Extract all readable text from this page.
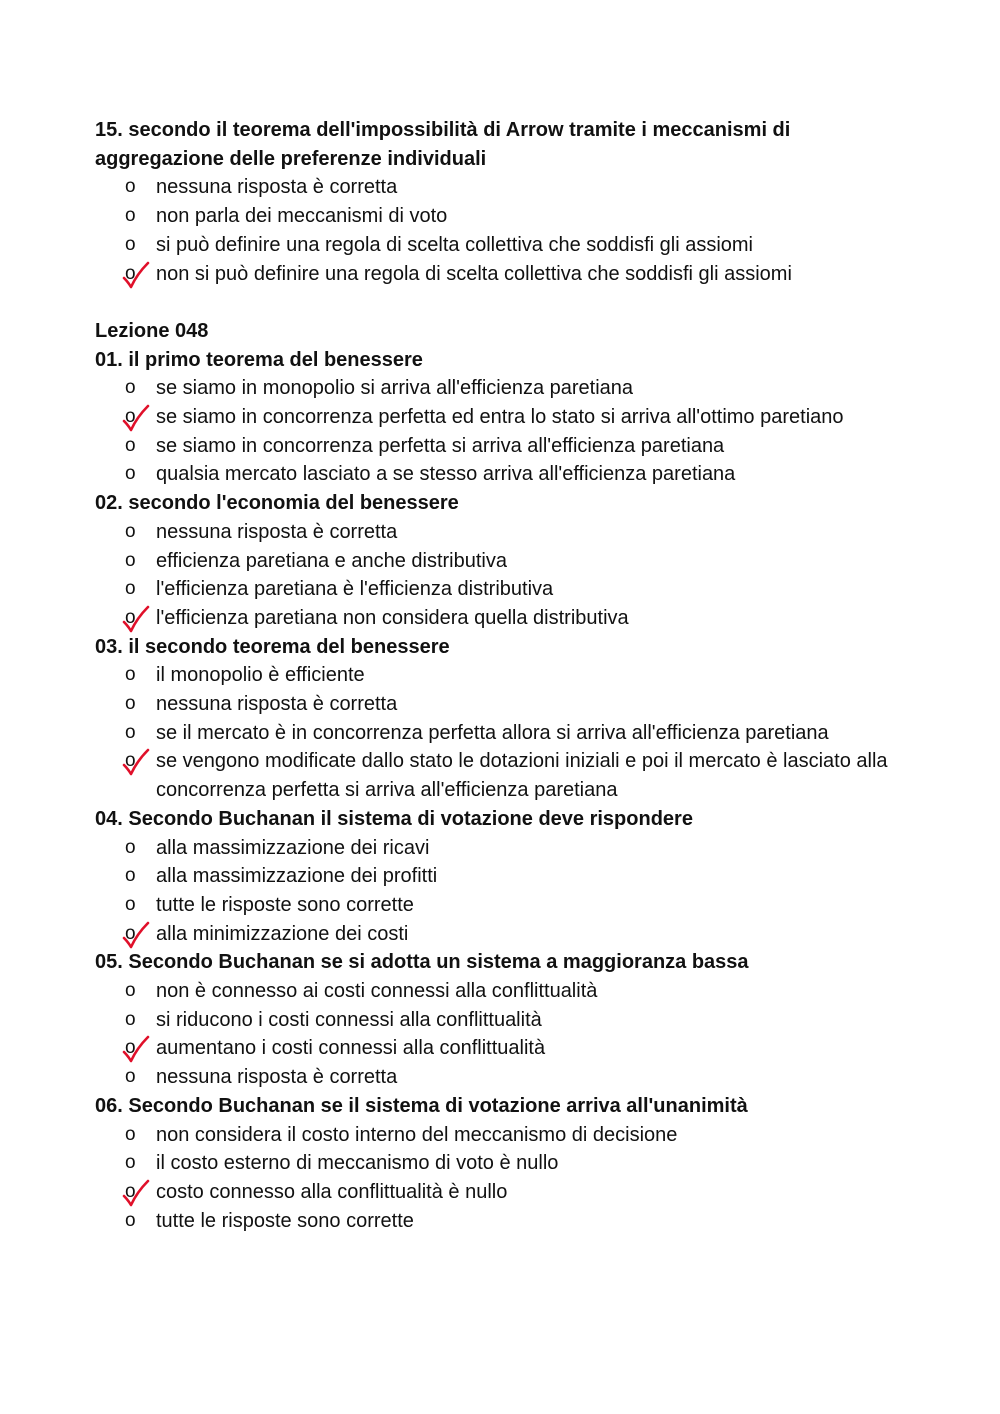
15. secondo il teorema dell'impossibilità di Arrow tramite i meccanismi di aggregazione delle preferenze individuali
o	nessuna risposta è corretta
o	non parla dei meccanismi di voto
o	si può definire una regola di scelta collettiva che soddisfi gli assiomi
o	non si può definire una regola di scelta collettiva che soddisfi gli assiomi
Lezione 048
01. il primo teorema del benessere
o	se siamo in monopolio si arriva all'efficienza paretiana
o	se siamo in concorrenza perfetta ed entra lo stato si arriva all'ottimo paretiano
o	se siamo in concorrenza perfetta si arriva all'efficienza paretiana
o	qualsia mercato lasciato a se stesso arriva all'efficienza paretiana
02. secondo l'economia del benessere
o	nessuna risposta è corretta
o	efficienza paretiana e anche distributiva
o	l'efficienza paretiana è l'efficienza distributiva
o	l'efficienza paretiana non considera quella distributiva
03. il secondo teorema del benessere
o	il monopolio è efficiente
o	nessuna risposta è corretta
o	se il mercato è in concorrenza perfetta allora si arriva all'efficienza paretiana
o	se vengono modificate dallo stato le dotazioni iniziali e poi il mercato è lasciato alla concorrenza perfetta si arriva all'efficienza paretiana
04. Secondo Buchanan il sistema di votazione deve rispondere
o	alla massimizzazione dei ricavi
o	alla massimizzazione dei profitti
o	tutte le risposte sono corrette
o	alla minimizzazione dei costi
05. Secondo Buchanan se si adotta un sistema a maggioranza bassa
o	non è connesso ai costi connessi alla conflittualità
o	si riducono i costi connessi alla conflittualità
o	aumentano i costi connessi alla conflittualità
o	nessuna risposta è corretta
06. Secondo Buchanan se il sistema di votazione arriva all'unanimità
o	non considera il costo interno del meccanismo di decisione
o	il costo esterno di meccanismo di voto è nullo
o	costo connesso alla conflittualità è nullo
o	tutte le risposte sono corrette
